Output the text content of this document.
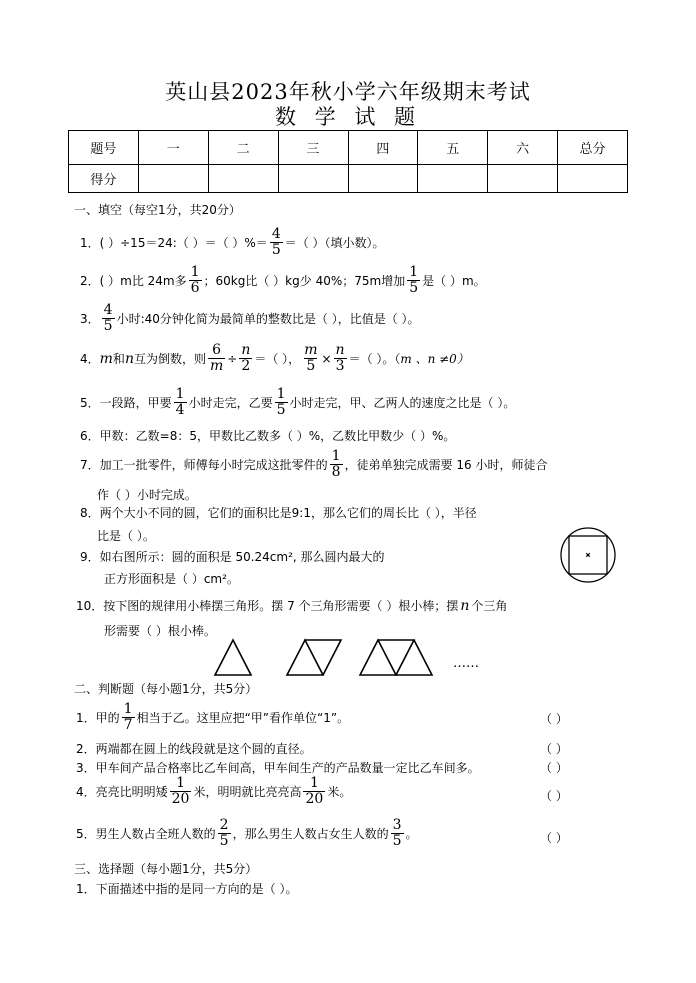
英山县2023年秋小学六年级期末考试
数 学 试 题
题号	一	二	三	四	五	六	总分
得分							
一、填空（每空1分，共20分）
1．( ）÷15＝24:（ ）＝（ ）%＝ $\frac{4}{5}$ ＝（ ）（填小数）。
2．( ）m比 24m多 $\frac{1}{6}$ ；60kg比（ ）kg少 40%；75m增加 $\frac{1}{5}$ 是（ ）m。
3． $\frac{4}{5}$ 小时:40分钟化简为最简单的整数比是（ ），比值是（ ）。
4． m 和 n 互为倒数，则 $\frac{6}{m} \div \frac{n}{2}$ ＝（ ）， $\frac{m}{5} \times \frac{n}{3}$ ＝（ ）。（ m 、n ≠0）
5．一段路，甲要 $\frac{1}{4}$ 小时走完，乙要 $\frac{1}{5}$ 小时走完，甲、乙两人的速度之比是（ ）。
6．甲数：乙数=8：5，甲数比乙数多（ ）%，乙数比甲数少（ ）%。
7．加工一批零件，师傅每小时完成这批零件的 $\frac{1}{8}$ ，徒弟单独完成需要 16 小时，师徒合
作（ ）小时完成。
8．两个大小不同的圆，它们的面积比是9:1，那么它们的周长比（ ），半径
比是（ ）。
9．如右图所示：圆的面积是 50.24cm², 那么圆内最大的
正方形面积是（ ）cm²。
10．按下图的规律用小棒摆三角形。摆 7 个三角形需要（ ）根小棒；摆 n 个三角
形需要（ ）根小棒。
……
二、判断题（每小题1分，共5分）
1．甲的 $\frac{1}{7}$ 相当于乙。这里应把“甲”看作单位“1”。	（ ）
2．两端都在圆上的线段就是这个圆的直径。	（ ）
3．甲车间产品合格率比乙车间高，甲车间生产的产品数量一定比乙车间多。	（ ）
4．亮亮比明明矮 $\frac{1}{20}$ 米，明明就比亮亮高 $\frac{1}{20}$ 米。	（ ）
5．男生人数占全班人数的 $\frac{2}{5}$ ，那么男生人数占女生人数的 $\frac{3}{5}$ 。	（ ）
三、选择题（每小题1分，共5分）
1．下面描述中指的是同一方向的是（ ）。
